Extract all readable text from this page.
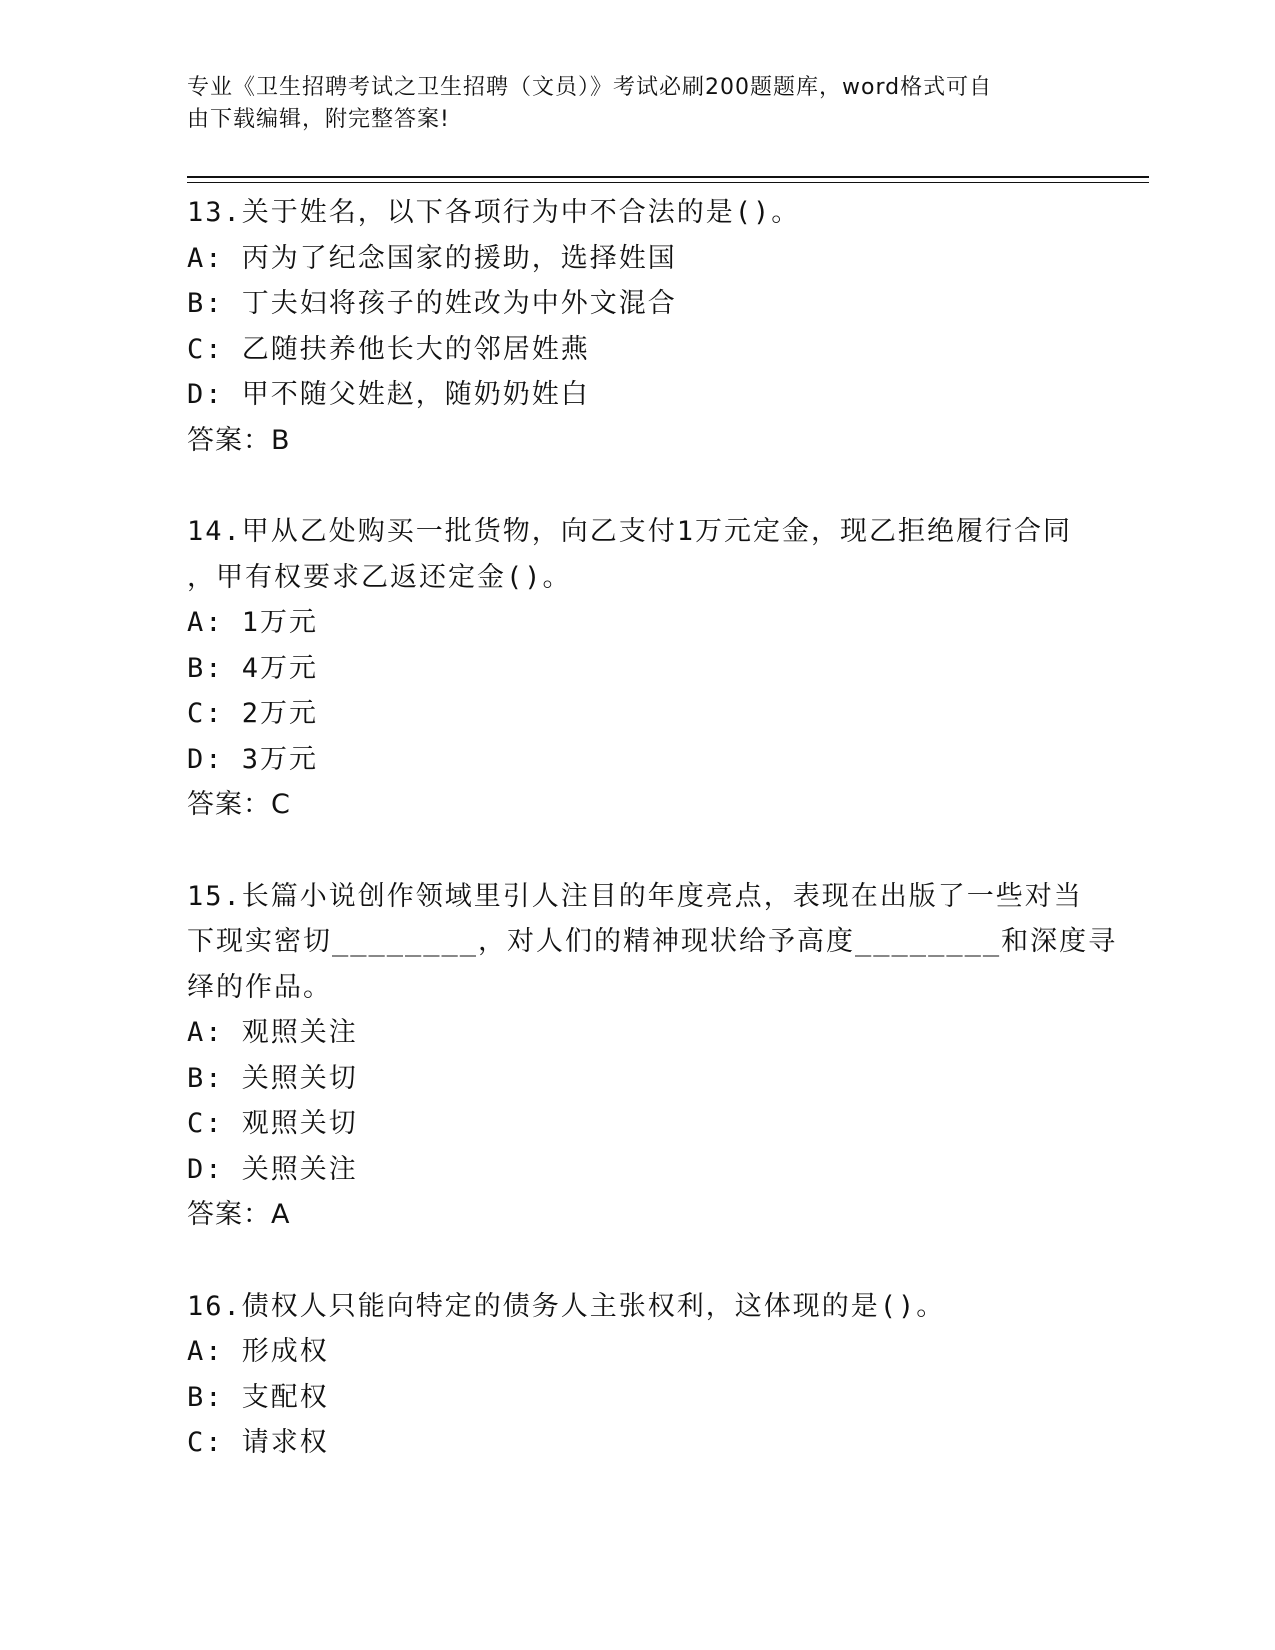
专业《卫生招聘考试之卫生招聘（文员）》考试必刷200题题库，word格式可自
由下载编辑，附完整答案!
13.关于姓名，以下各项行为中不合法的是()。
A: 丙为了纪念国家的援助，选择姓国
B: 丁夫妇将孩子的姓改为中外文混合
C: 乙随扶养他长大的邻居姓燕
D: 甲不随父姓赵，随奶奶姓白
答案：B
14.甲从乙处购买一批货物，向乙支付1万元定金，现乙拒绝履行合同
，甲有权要求乙返还定金()。
A: 1万元
B: 4万元
C: 2万元
D: 3万元
答案：C
15.长篇小说创作领域里引人注目的年度亮点，表现在出版了一些对当
下现实密切________，对人们的精神现状给予高度________和深度寻
绎的作品。
A: 观照关注
B: 关照关切
C: 观照关切
D: 关照关注
答案：A
16.债权人只能向特定的债务人主张权利，这体现的是()。
A: 形成权
B: 支配权
C: 请求权
